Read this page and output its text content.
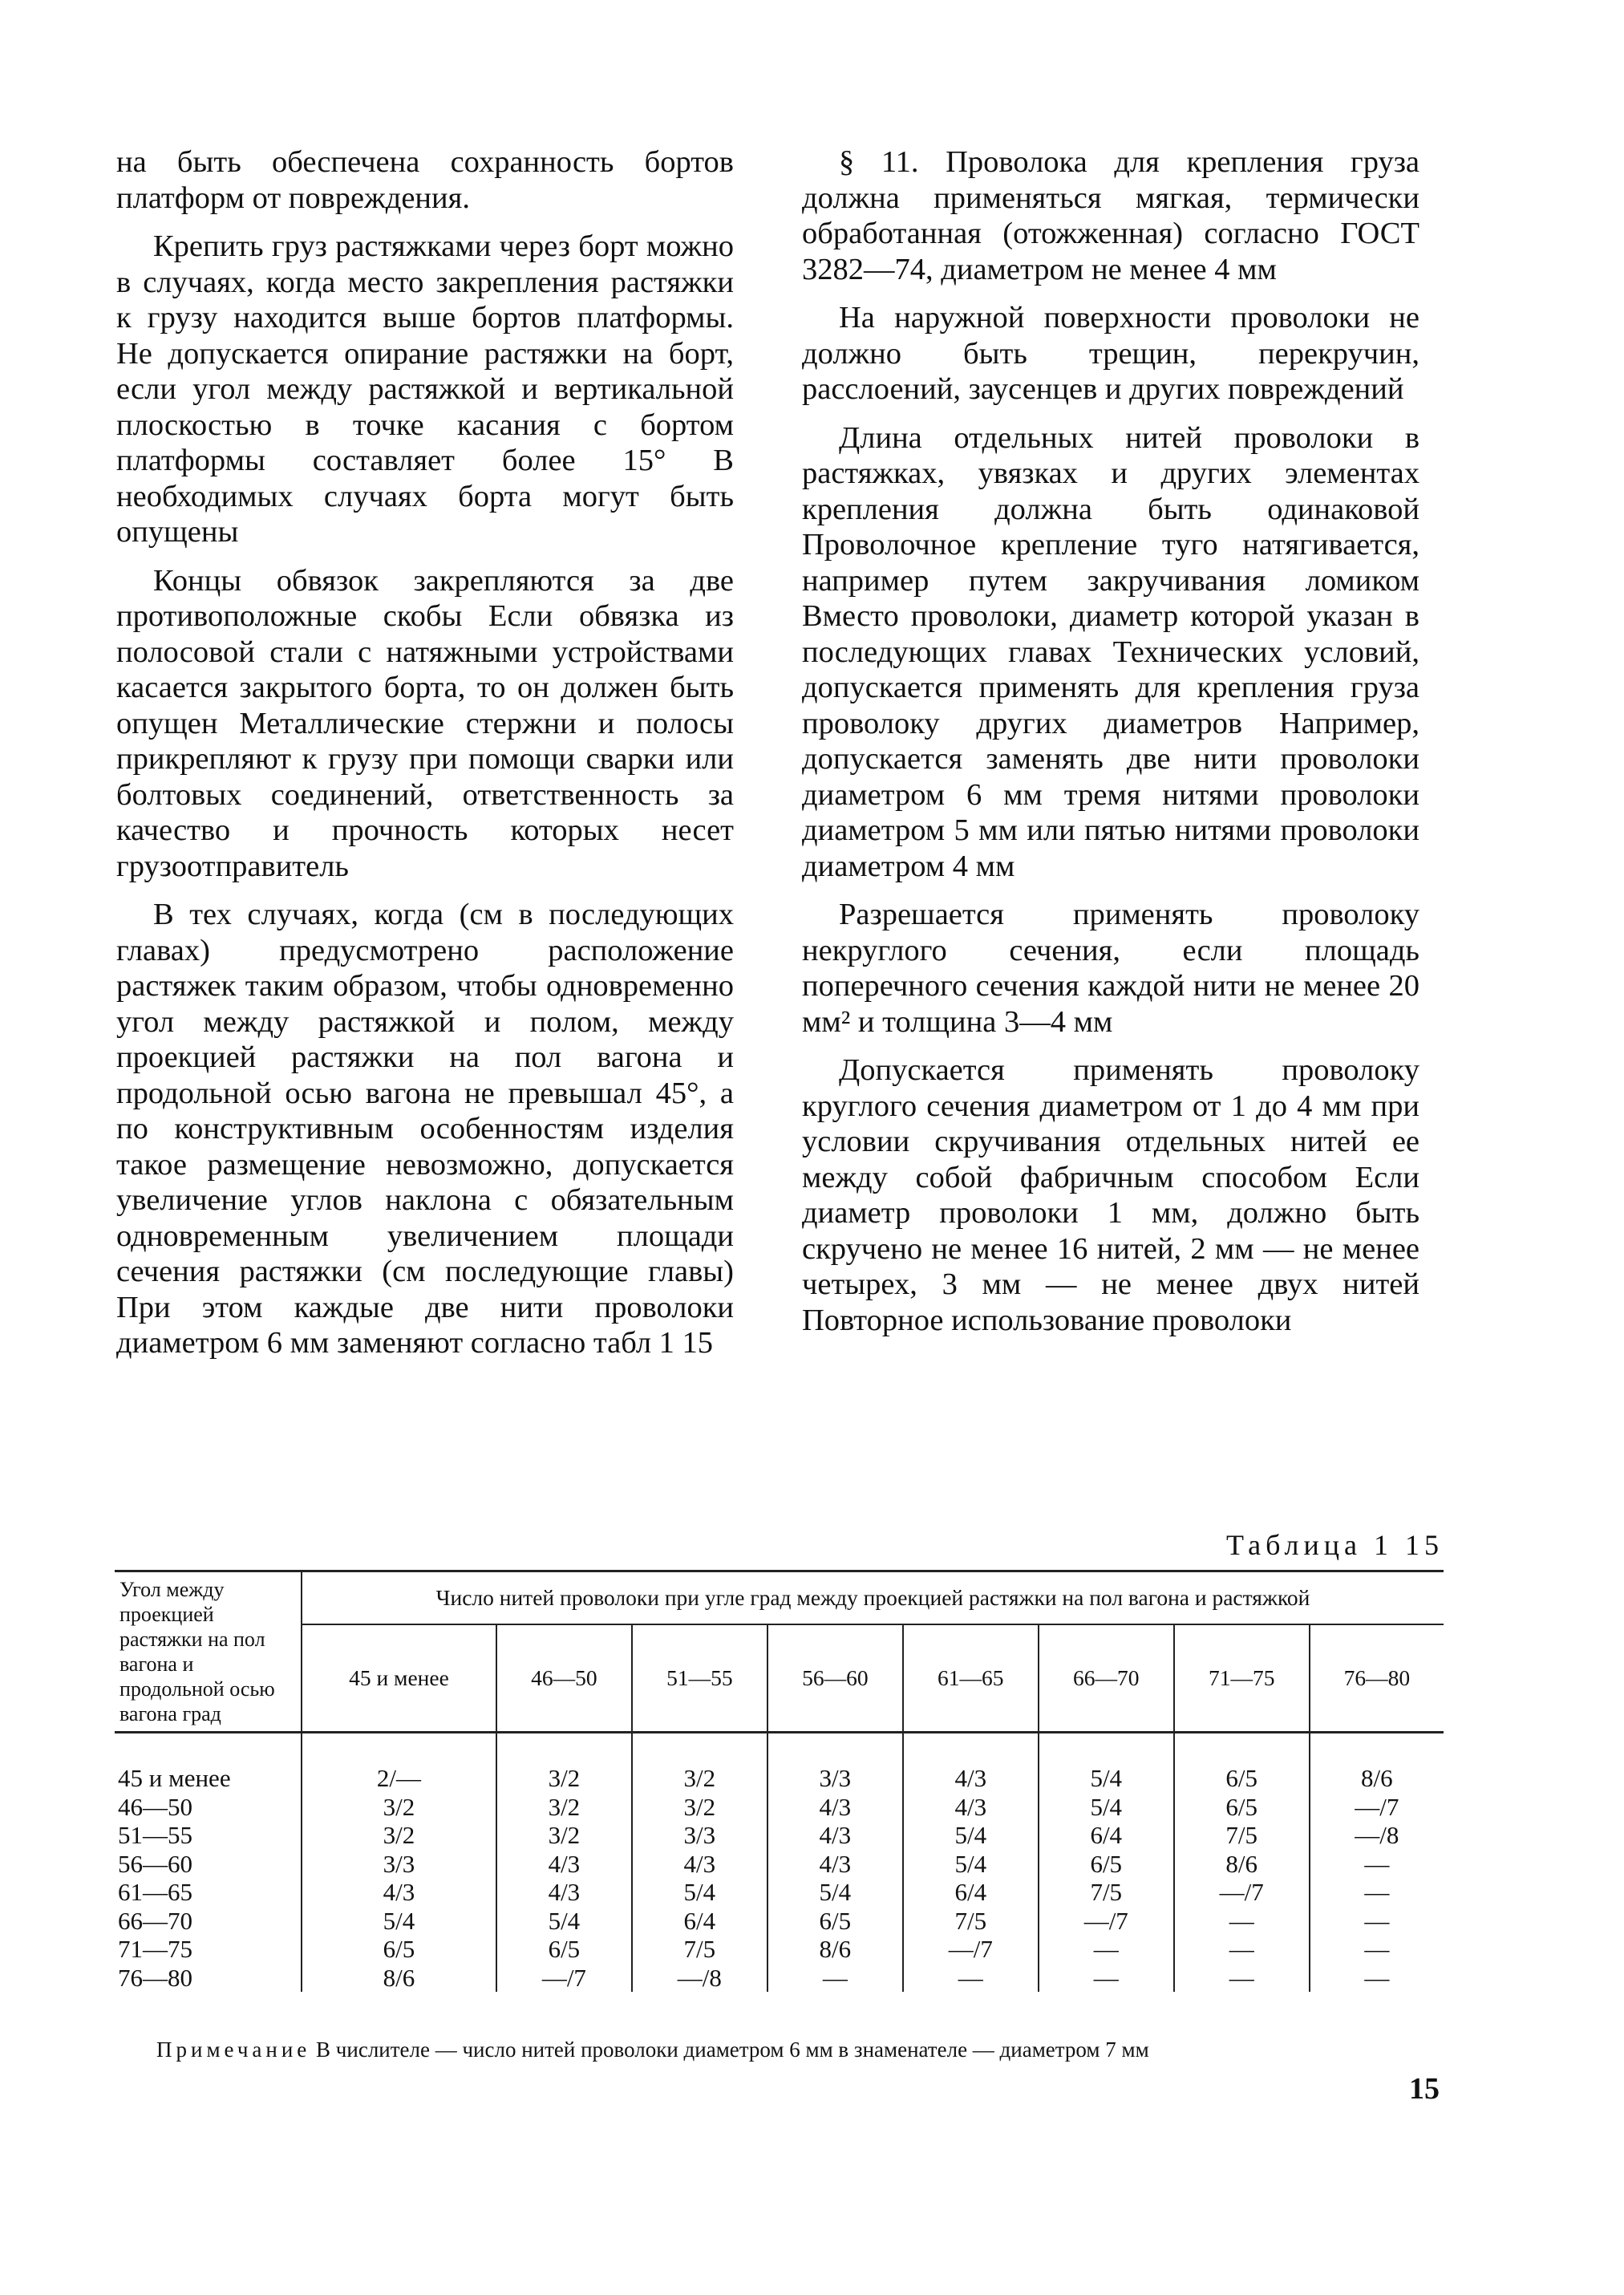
на быть обеспечена сохранность бортов платформ от повреждения.

Крепить груз растяжками через борт можно в случаях, когда место закрепления растяжки к грузу находится выше бортов платформы. Не допускается опирание растяжки на борт, если угол между растяжкой и вертикальной плоскостью в точке касания с бортом платформы составляет более 15° В необходимых случаях борта могут быть опущены

Концы обвязок закрепляются за две противоположные скобы Если обвязка из полосовой стали с натяжными устройствами касается закрытого борта, то он должен быть опущен Металлические стержни и полосы прикрепляют к грузу при помощи сварки или болтовых соединений, ответственность за качество и прочность которых несет грузоотправитель

В тех случаях, когда (см в последующих главах) предусмотрено расположение растяжек таким образом, чтобы одновременно угол между растяжкой и полом, между проекцией растяжки на пол вагона и продольной осью вагона не превышал 45°, а по конструктивным особенностям изделия такое размещение невозможно, допускается увеличение углов наклона с обязательным одновременным увеличением площади сечения растяжки (см последующие главы) При этом каждые две нити проволоки диаметром 6 мм заменяют согласно табл 1 15

§ 11. Проволока для крепления груза должна применяться мягкая, термически обработанная (отожженная) согласно ГОСТ 3282—74, диаметром не менее 4 мм

На наружной поверхности проволоки не должно быть трещин, перекручин, расслоений, заусенцев и других повреждений

Длина отдельных нитей проволоки в растяжках, увязках и других элементах крепления должна быть одинаковой Проволочное крепление туго натягивается, например путем закручивания ломиком Вместо проволоки, диаметр которой указан в последующих главах Технических условий, допускается применять для крепления груза проволоку других диаметров Например, допускается заменять две нити проволоки диаметром 6 мм тремя нитями проволоки диаметром 5 мм или пятью нитями проволоки диаметром 4 мм

Разрешается применять проволоку некруглого сечения, если площадь поперечного сечения каждой нити не менее 20 мм² и толщина 3—4 мм

Допускается применять проволоку круглого сечения диаметром от 1 до 4 мм при условии скручивания отдельных нитей ее между собой фабричным способом Если диаметр проволоки 1 мм, должно быть скручено не менее 16 нитей, 2 мм — не менее четырех, 3 мм — не менее двух нитей Повторное использование проволоки

Таблица 1 15
Угол между проекцией растяжки на пол вагона и продольной осью вагона град	Число нитей проволоки при угле град между проекцией растяжки на пол вагона и растяжкой							
	45 и менее	46—50	51—55	56—60	61—65	66—70	71—75	76—80
45 и менее	2/—	3/2	3/2	3/3	4/3	5/4	6/5	8/6
46—50	3/2	3/2	3/2	4/3	4/3	5/4	6/5	—/7
51—55	3/2	3/2	3/3	4/3	5/4	6/4	7/5	—/8
56—60	3/3	4/3	4/3	4/3	5/4	6/5	8/6	—
61—65	4/3	4/3	5/4	5/4	6/4	7/5	—/7	—
66—70	5/4	5/4	6/4	6/5	7/5	—/7	—	—
71—75	6/5	6/5	7/5	8/6	—/7	—	—	—
76—80	8/6	—/7	—/8	—	—	—	—	—
Примечание В числителе — число нитей проволоки диаметром 6 мм в знаменателе — диаметром 7 мм
15
